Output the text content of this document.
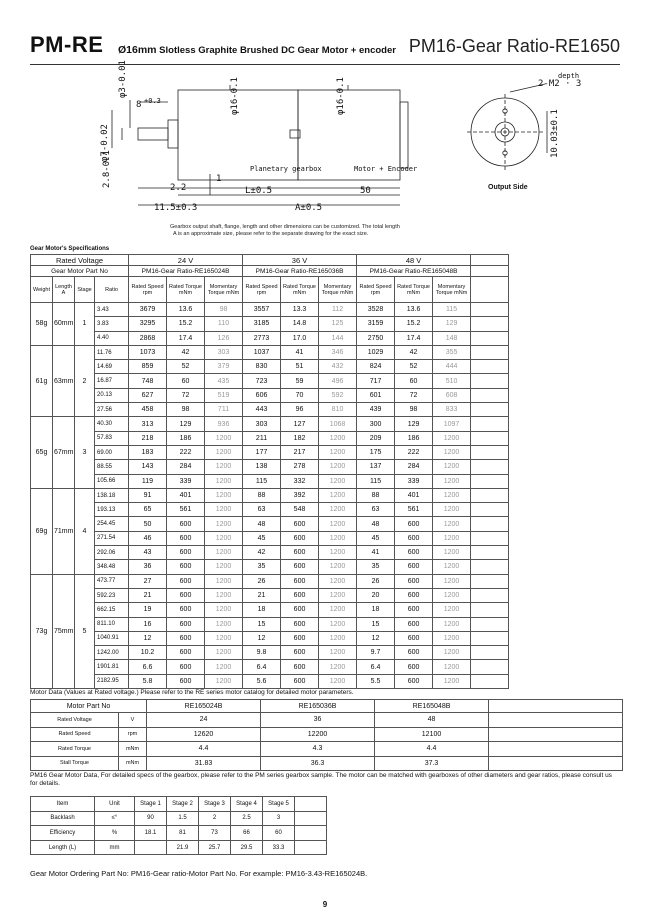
PM-RE Ø16mm Slotless Graphite Brushed DC Gear Motor + encoder PM16-Gear Ratio-RE1650
φ3-0.01
8 +0.3
φ7-0.02
2.8-0.1
φ16-0.1	φ16-0.1
Planetary gearbox	Motor + Encoder
2.2
1
L±0.5	50
11.5±0.3	A±0.5
depth
2-M2 · 3
10.03±0.1
Output Side
Gearbox output shaft, flange, length and other dimensions can be customized. The total length
A is an approximate size, please refer to the separate drawing for the exact size.
Gear Motor's Specifications
Rated Voltage				24 V			36 V			48 V			
Gear Motor Part No				PM16-Gear Ratio-RE165024B			PM16-Gear Ratio-RE165036B			PM16-Gear Ratio-RE165048B			
Weight	Length A	Stage	Ratio	Rated Speed rpm	Rated Torque mNm	Momentary Torque mNm	Rated Speed rpm	Rated Torque mNm	Momentary Torque mNm	Rated Speed rpm	Rated Torque mNm	Momentary Torque mNm	
58g	60mm	1	3.43	3679	13.6	98	3557	13.3	112	3528	13.6	115	
			3.83	3295	15.2	110	3185	14.8	125	3159	15.2	129	
			4.40	2868	17.4	126	2773	17.0	144	2750	17.4	148	
61g	63mm	2	11.76	1073	42	303	1037	41	346	1029	42	355	
			14.69	859	52	379	830	51	432	824	52	444	
			16.87	748	60	435	723	59	496	717	60	510	
			20.13	627	72	519	606	70	592	601	72	608	
			27.56	458	98	711	443	96	810	439	98	833	
65g	67mm	3	40.30	313	129	936	303	127	1068	300	129	1097	
			57.83	218	186	1200	211	182	1200	209	186	1200	
			69.00	183	222	1200	177	217	1200	175	222	1200	
			88.55	143	284	1200	138	278	1200	137	284	1200	
			105.66	119	339	1200	115	332	1200	115	339	1200	
69g	71mm	4	138.18	91	401	1200	88	392	1200	88	401	1200	
			193.13	65	561	1200	63	548	1200	63	561	1200	
			254.45	50	600	1200	48	600	1200	48	600	1200	
			271.54	46	600	1200	45	600	1200	45	600	1200	
			292.06	43	600	1200	42	600	1200	41	600	1200	
			348.48	36	600	1200	35	600	1200	35	600	1200	
73g	75mm	5	473.77	27	600	1200	26	600	1200	26	600	1200	
			592.23	21	600	1200	21	600	1200	20	600	1200	
			662.15	19	600	1200	18	600	1200	18	600	1200	
			811.10	16	600	1200	15	600	1200	15	600	1200	
			1040.91	12	600	1200	12	600	1200	12	600	1200	
			1242.00	10.2	600	1200	9.8	600	1200	9.7	600	1200	
			1901.81	6.6	600	1200	6.4	600	1200	6.4	600	1200	
			2182.95	5.8	600	1200	5.6	600	1200	5.5	600	1200	
Motor Data (Values at Rated voltage.) Please refer to the RE series motor catalog for detailed motor parameters.
Motor Part No		RE165024B	RE165036B	RE165048B	
Rated Voltage	V	24	36	48	
Rated Speed	rpm	12620	12200	12100	
Rated Torque	mNm	4.4	4.3	4.4	
Stall Torque	mNm	31.83	36.3	37.3	
PM16 Gear Motor Data, For detailed specs of the gearbox, please refer to the PM series gearbox sample. The motor can be matched with gearboxes of other diameters and gear ratios, please consult us for details.
Item	Unit	Stage 1	Stage 2	Stage 3	Stage 4	Stage 5	
Backlash	≤°	90	1.5	2	2.5	3	
Efficiency	%	18.1	81	73	66	60	
Length (L)	mm		21.9	25.7	29.5	33.3	
Gear Motor Ordering Part No: PM16-Gear ratio-Motor Part No. For example: PM16-3.43-RE165024B.
9
